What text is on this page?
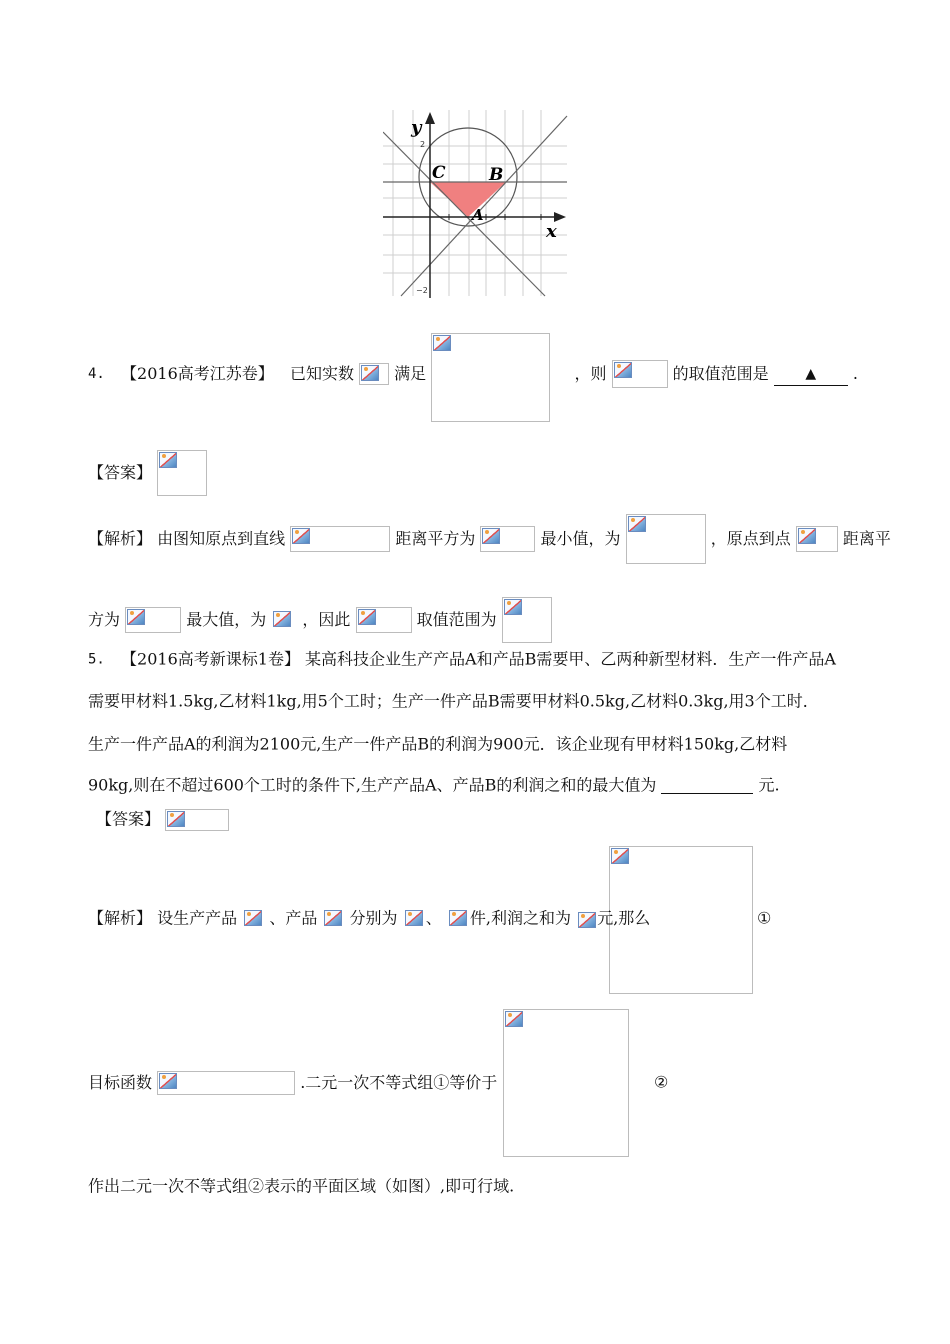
x
y
C	B
A
2
−2
4. 【2016高考江苏卷】 已知实数	满足	，则	的取值范围是	▲ .
【答案】
【解析】 由图知原点到直线	距离平方为	最小值，为	，原点到点	距离平
方为	最大值，为 ，因此	取值范围为
5. 【2016高考新课标1卷】 某高科技企业生产产品A和产品B需要甲、乙两种新型材料．生产一件产品A
需要甲材料1.5kg,乙材料1kg,用5个工时；生产一件产品B需要甲材料0.5kg,乙材料0.3kg,用3个工时．
生产一件产品A的利润为2100元,生产一件产品B的利润为900元．该企业现有甲材料150kg,乙材料
90kg,则在不超过600个工时的条件下,生产产品A、产品B的利润之和的最大值为	元.
【答案】
【解析】 设生产产品 、产品 分别为 、 件,利润之和为 元,那么	①
目标函数	.二元一次不等式组①等价于	②
作出二元一次不等式组②表示的平面区域（如图）,即可行域.
